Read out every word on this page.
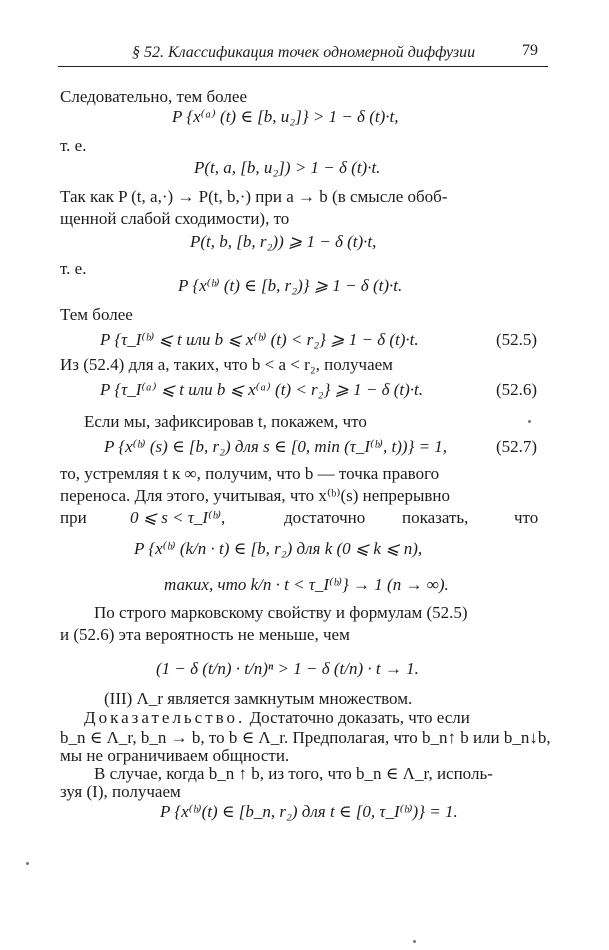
§ 52. Классификация точек одномерной диффузии	79
Следовательно, тем более
P {x⁽ᵃ⁾ (t) ∈ [b, u₂]} > 1 − δ (t)·t,
т. е.
P(t, a, [b, u₂]) > 1 − δ (t)·t.
Так как P (t, a,·) → P(t, b,·) при a → b (в смысле обоб-
щенной слабой сходимости), то
P(t, b, [b, r₂)) ⩾ 1 − δ (t)·t,
т. е.
P {x⁽ᵇ⁾ (t) ∈ [b, r₂)} ⩾ 1 − δ (t)·t.
Тем более
P {τ_I⁽ᵇ⁾ ⩽ t или b ⩽ x⁽ᵇ⁾ (t) < r₂} ⩾ 1 − δ (t)·t.	(52.5)
Из (52.4) для a, таких, что b < a < r₂, получаем
P {τ_I⁽ᵃ⁾ ⩽ t или b ⩽ x⁽ᵃ⁾ (t) < r₂} ⩾ 1 − δ (t)·t.	(52.6)
Если мы, зафиксировав t, покажем, что
P {x⁽ᵇ⁾ (s) ∈ [b, r₂) для s ∈ [0, min (τ_I⁽ᵇ⁾, t))} = 1,	(52.7)
то, устремляя t к ∞, получим, что b — точка правого
переноса. Для этого, учитывая, что x⁽ᵇ⁾(s) непрерывно
при	0 ⩽ s < τ_I⁽ᵇ⁾,	достаточно показать,	что
P {x⁽ᵇ⁾ (k/n · t) ∈ [b, r₂) для k (0 ⩽ k ⩽ n),
таких, что k/n · t < τ_I⁽ᵇ⁾} → 1 (n → ∞).
По строго марковскому свойству и формулам (52.5)
и (52.6) эта вероятность не меньше, чем
(1 − δ (t/n) · t/n)ⁿ > 1 − δ (t/n) · t → 1.
(III) Λ_r является замкнутым множеством.
Доказательство. Достаточно доказать, что если
b_n ∈ Λ_r, b_n → b, то b ∈ Λ_r. Предполагая, что b_n↑ b или b_n↓b,
мы не ограничиваем общности.
В случае, когда b_n ↑ b, из того, что b_n ∈ Λ_r, исполь-
зуя (I), получаем
P {x⁽ᵇ⁾(t) ∈ [b_n, r₂) для t ∈ [0, τ_I⁽ᵇ⁾)} = 1.
